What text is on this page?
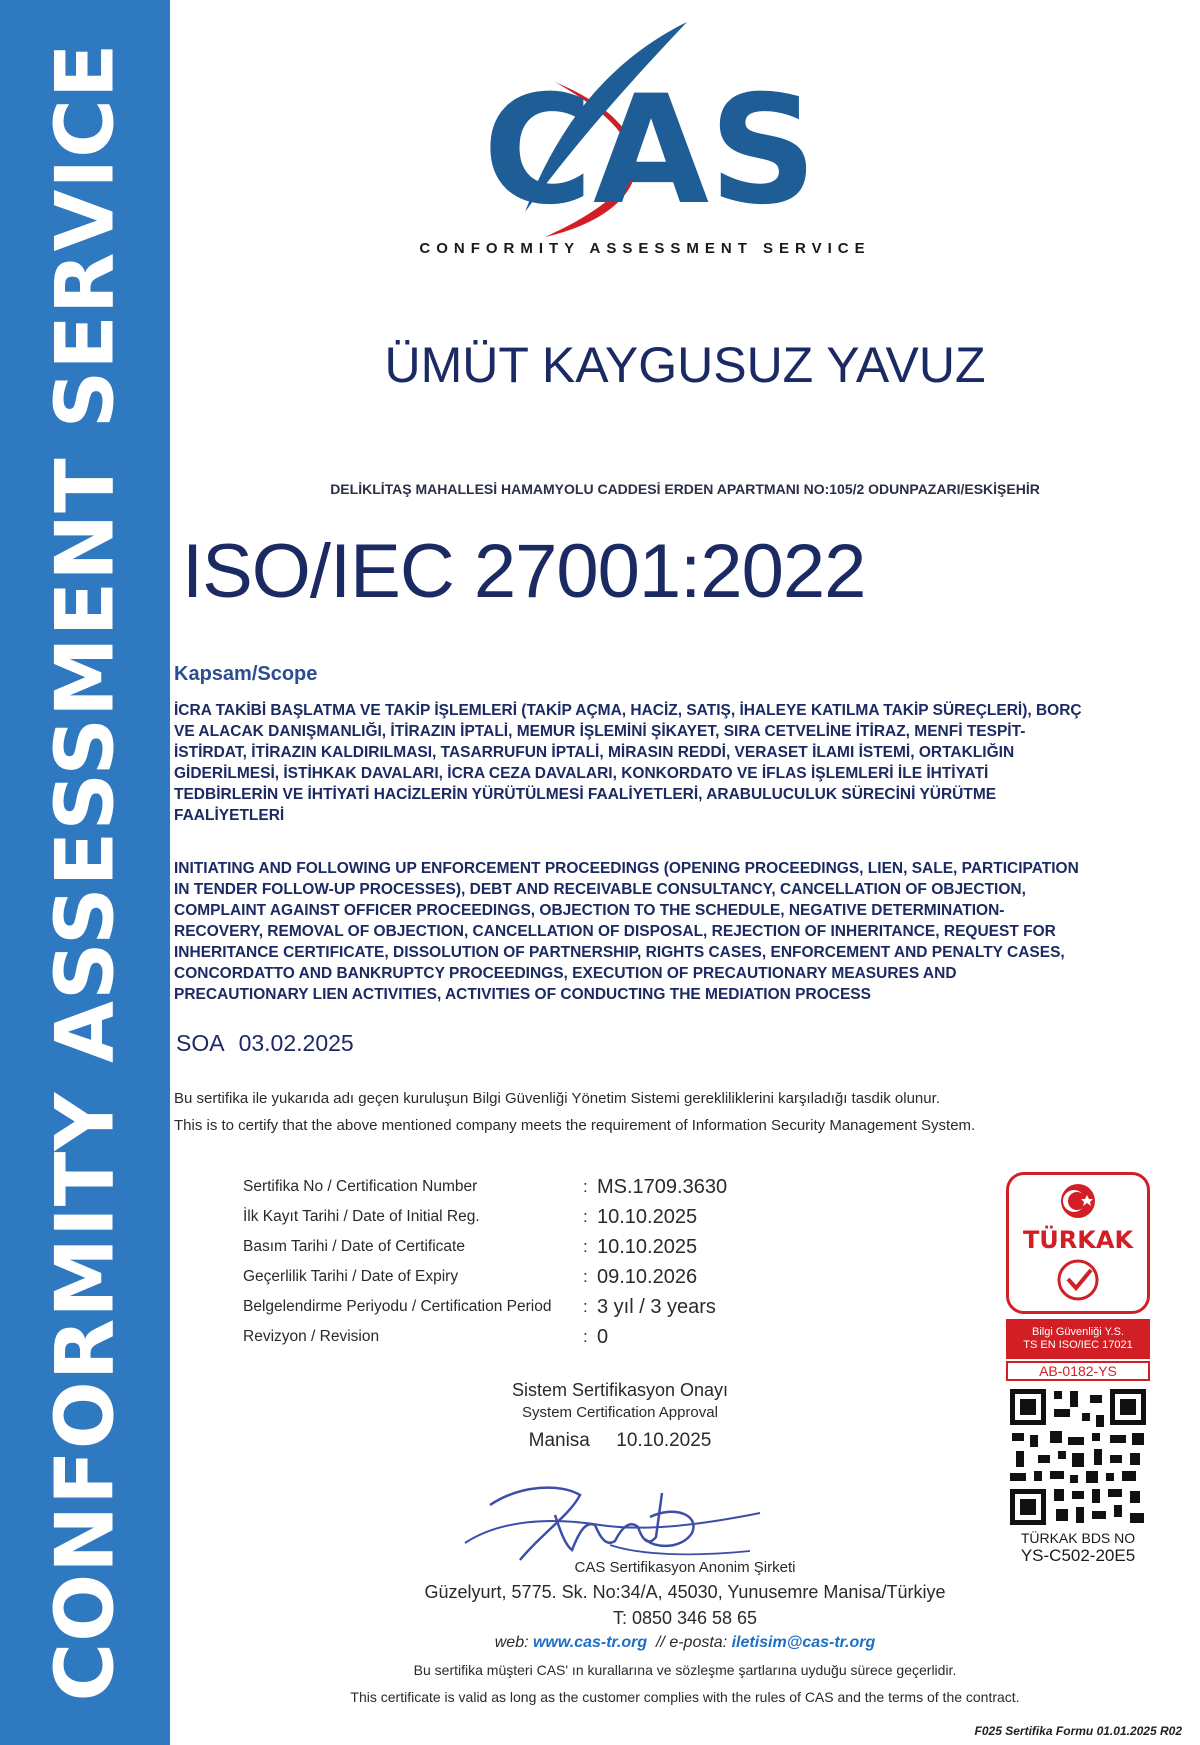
CONFORMITY ASSESSMENT SERVICE CAS
CONFORMITY ASSESSMENT SERVICE
ÜMÜT KAYGUSUZ YAVUZ
DELİKLİTAŞ MAHALLESİ HAMAMYOLU CADDESİ ERDEN APARTMANI NO:105/2 ODUNPAZARI/ESKİŞEHİR
ISO/IEC 27001:2022
Kapsam/Scope
İCRA TAKİBİ BAŞLATMA VE TAKİP İŞLEMLERİ (TAKİP AÇMA, HACİZ, SATIŞ, İHALEYE KATILMA TAKİP SÜREÇLERİ), BORÇ
VE ALACAK DANIŞMANLIĞI, İTİRAZIN İPTALİ, MEMUR İŞLEMİNİ ŞİKAYET, SIRA CETVELİNE İTİRAZ, MENFİ TESPİT-
İSTİRDAT, İTİRAZIN KALDIRILMASI, TASARRUFUN İPTALİ, MİRASIN REDDİ, VERASET İLAMI İSTEMİ, ORTAKLIĞIN
GİDERİLMESİ, İSTİHKAK DAVALARI, İCRA CEZA DAVALARI, KONKORDATO VE İFLAS İŞLEMLERİ İLE İHTİYATİ
TEDBİRLERİN VE İHTİYATİ HACİZLERİN YÜRÜTÜLMESİ FAALİYETLERİ, ARABULUCULUK SÜRECİNİ YÜRÜTME
FAALİYETLERİ
INITIATING AND FOLLOWING UP ENFORCEMENT PROCEEDINGS (OPENING PROCEEDINGS, LIEN, SALE, PARTICIPATION
IN TENDER FOLLOW-UP PROCESSES), DEBT AND RECEIVABLE CONSULTANCY, CANCELLATION OF OBJECTION,
COMPLAINT AGAINST OFFICER PROCEEDINGS, OBJECTION TO THE SCHEDULE, NEGATIVE DETERMINATION-
RECOVERY, REMOVAL OF OBJECTION, CANCELLATION OF DISPOSAL, REJECTION OF INHERITANCE, REQUEST FOR
INHERITANCE CERTIFICATE, DISSOLUTION OF PARTNERSHIP, RIGHTS CASES, ENFORCEMENT AND PENALTY CASES,
CONCORDATTO AND BANKRUPTCY PROCEEDINGS, EXECUTION OF PRECAUTIONARY MEASURES AND
PRECAUTIONARY LIEN ACTIVITIES, ACTIVITIES OF CONDUCTING THE MEDIATION PROCESS
SOA 03.02.2025
Bu sertifika ile yukarıda adı geçen kuruluşun Bilgi Güvenliği Yönetim Sistemi gerekliliklerini karşıladığı tasdik olunur.
This is to certify that the above mentioned company meets the requirement of Information Security Management System.
Sertifika No / Certification Number	: MS.1709.3630
İlk Kayıt Tarihi / Date of Initial Reg.	: 10.10.2025
Basım Tarihi / Date of Certificate	: 10.10.2025
Geçerlilik Tarihi / Date of Expiry	: 09.10.2026
Belgelendirme Periyodu / Certification Period	: 3 yıl / 3 years
Revizyon / Revision	: 0
TÜRKAK
Bilgi Güvenliği Y.S.
TS EN ISO/IEC 17021
AB-0182-YS
TÜRKAK BDS NO
YS-C502-20E5
Sistem Sertifikasyon Onayı
System Certification Approval
Manisa 10.10.2025
CAS Sertifikasyon Anonim Şirketi
Güzelyurt, 5775. Sk. No:34/A, 45030, Yunusemre Manisa/Türkiye
T: 0850 346 58 65
web: www.cas-tr.org // e-posta: iletisim@cas-tr.org
Bu sertifika müşteri CAS' ın kurallarına ve sözleşme şartlarına uyduğu sürece geçerlidir.
This certificate is valid as long as the customer complies with the rules of CAS and the terms of the contract.
F025 Sertifika Formu 01.01.2025 R02
